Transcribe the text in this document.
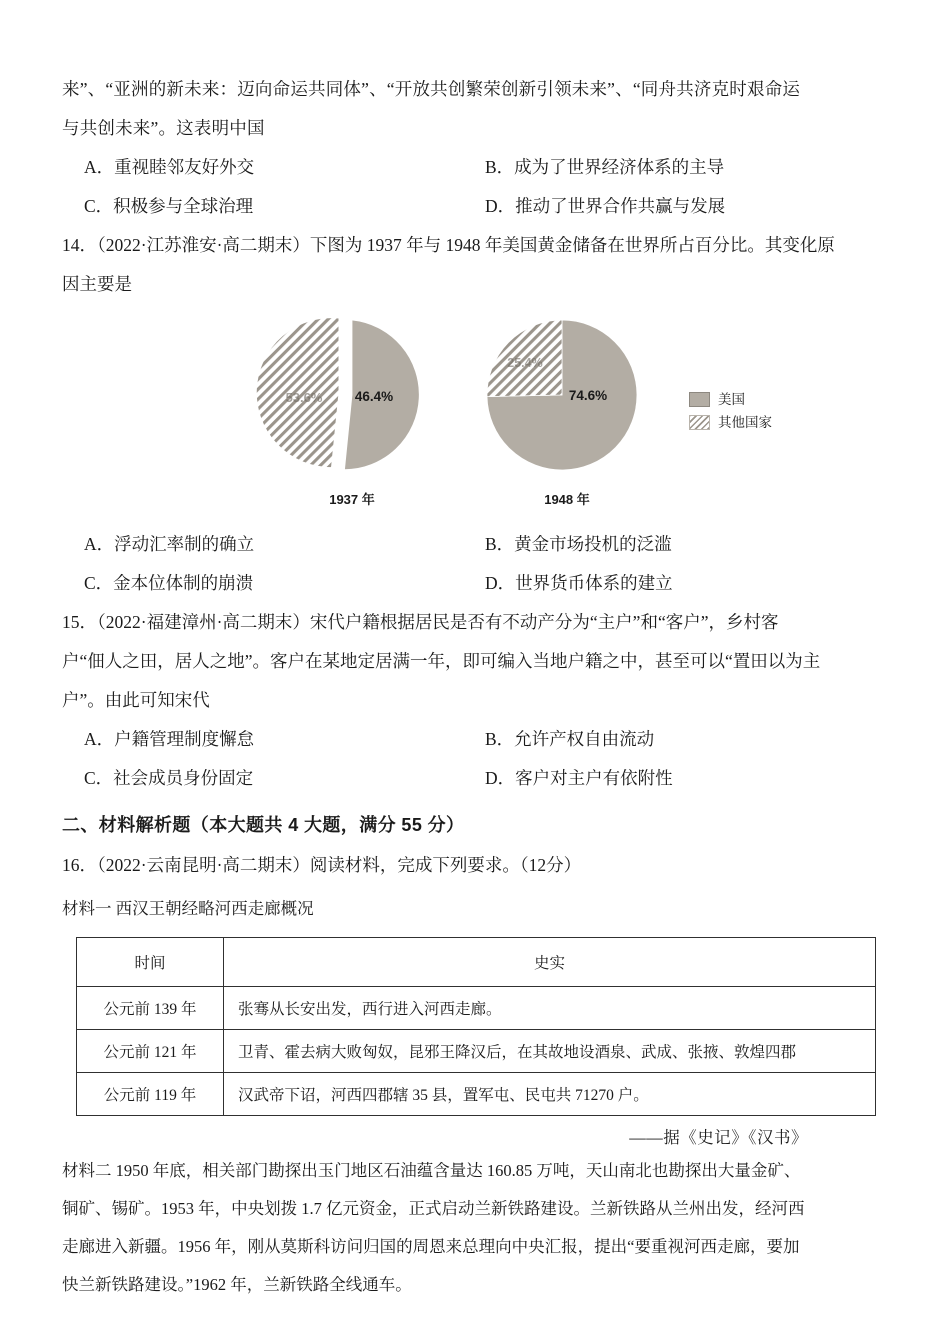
来”、“亚洲的新未来：迈向命运共同体”、“开放共创繁荣创新引领未来”、“同舟共济克时艰命运
与共创未来”。这表明中国

A．重视睦邻友好外交	B．成为了世界经济体系的主导
C．积极参与全球治理	D．推动了世界合作共赢与发展

14．（2022·江苏淮安·高二期末）下图为 1937 年与 1948 年美国黄金储备在世界所占百分比。其变化原
因主要是

46.4%
53.6%
1937 年
74.6%
25.4%
1948 年
美国
其他国家
A．浮动汇率制的确立	B．黄金市场投机的泛滥
C．金本位体制的崩溃	D．世界货币体系的建立

15．（2022·福建漳州·高二期末）宋代户籍根据居民是否有不动产分为“主户”和“客户”，乡村客
户“佃人之田，居人之地”。客户在某地定居满一年，即可编入当地户籍之中，甚至可以“置田以为主
户”。由此可知宋代

A．户籍管理制度懈怠	B．允许产权自由流动
C．社会成员身份固定	D．客户对主户有依附性
二、材料解析题（本大题共 4 大题，满分 55 分）

16．（2022·云南昆明·高二期末）阅读材料，完成下列要求。（12分）

材料一 西汉王朝经略河西走廊概况
时间	史实
公元前 139 年	张骞从长安出发，西行进入河西走廊。
公元前 121 年	卫青、霍去病大败匈奴，昆邪王降汉后，在其故地设酒泉、武成、张掖、敦煌四郡
公元前 119 年	汉武帝下诏，河西四郡辖 35 县，置军屯、民屯共 71270 户。
——据《史记》《汉书》

材料二 1950 年底，相关部门勘探出玉门地区石油蕴含量达 160.85 万吨，天山南北也勘探出大量金矿、
铜矿、锡矿。1953 年，中央划拨 1.7 亿元资金，正式启动兰新铁路建设。兰新铁路从兰州出发，经河西
走廊进入新疆。1956 年，刚从莫斯科访问归国的周恩来总理向中央汇报，提出“要重视河西走廊，要加
快兰新铁路建设。”1962 年，兰新铁路全线通车。
